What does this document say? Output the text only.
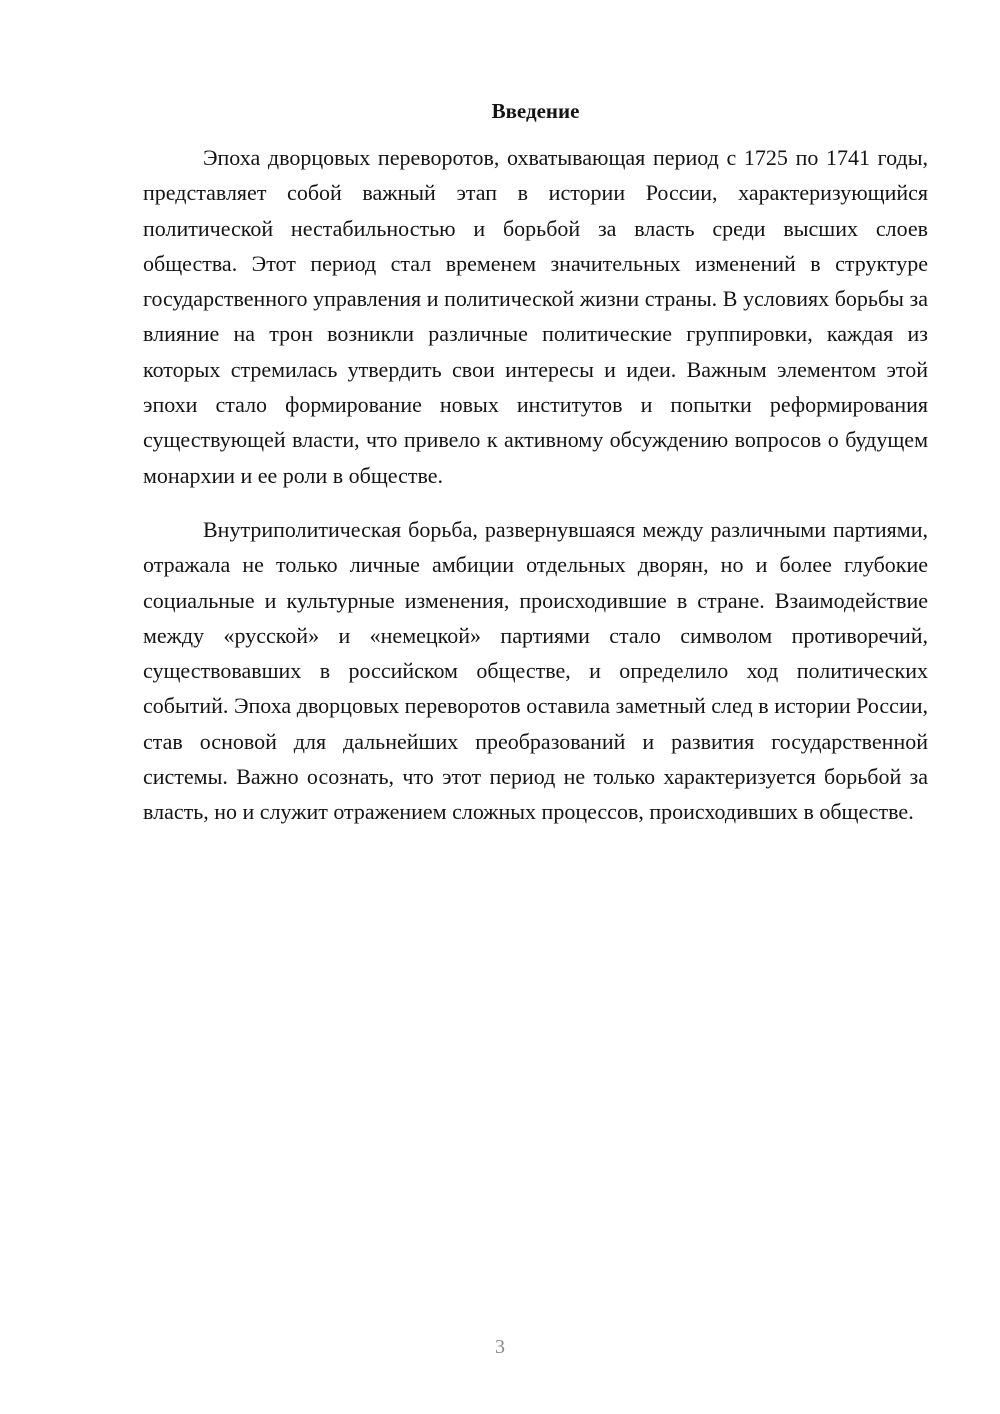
Введение

Эпоха дворцовых переворотов, охватывающая период с 1725 по 1741 годы, представляет собой важный этап в истории России, характеризующийся политической нестабильностью и борьбой за власть среди высших слоев общества. Этот период стал временем значительных изменений в структуре государственного управления и политической жизни страны. В условиях борьбы за влияние на трон возникли различные политические группировки, каждая из которых стремилась утвердить свои интересы и идеи. Важным элементом этой эпохи стало формирование новых институтов и попытки реформирования существующей власти, что привело к активному обсуждению вопросов о будущем монархии и ее роли в обществе.

Внутриполитическая борьба, развернувшаяся между различными партиями, отражала не только личные амбиции отдельных дворян, но и более глубокие социальные и культурные изменения, происходившие в стране. Взаимодействие между «русской» и «немецкой» партиями стало символом противоречий, существовавших в российском обществе, и определило ход политических событий. Эпоха дворцовых переворотов оставила заметный след в истории России, став основой для дальнейших преобразований и развития государственной системы. Важно осознать, что этот период не только характеризуется борьбой за власть, но и служит отражением сложных процессов, происходивших в обществе.

3
